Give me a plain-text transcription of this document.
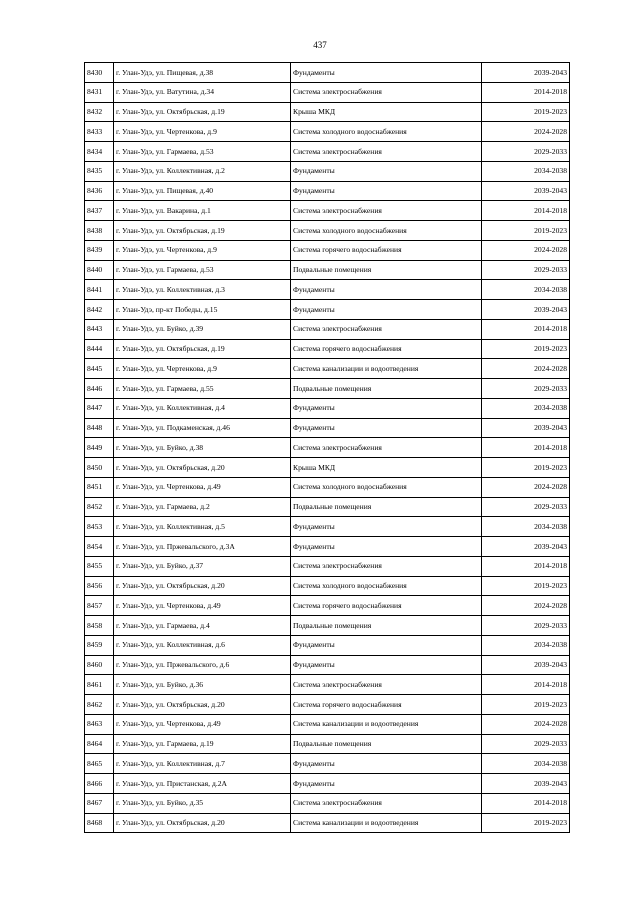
437
8430	г. Улан-Удэ, ул. Пищевая, д.38	Фундаменты	2039-2043
8431	г. Улан-Удэ, ул. Ватутина, д.34	Система электроснабжения	2014-2018
8432	г. Улан-Удэ, ул. Октябрьская, д.19	Крыша МКД	2019-2023
8433	г. Улан-Удэ, ул. Чертенкова, д.9	Система холодного водоснабжения	2024-2028
8434	г. Улан-Удэ, ул. Гармаева, д.53	Система электроснабжения	2029-2033
8435	г. Улан-Удэ, ул. Коллективная, д.2	Фундаменты	2034-2038
8436	г. Улан-Удэ, ул. Пищевая, д.40	Фундаменты	2039-2043
8437	г. Улан-Удэ, ул. Вакарина, д.1	Система электроснабжения	2014-2018
8438	г. Улан-Удэ, ул. Октябрьская, д.19	Система холодного водоснабжения	2019-2023
8439	г. Улан-Удэ, ул. Чертенкова, д.9	Система горячего водоснабжения	2024-2028
8440	г. Улан-Удэ, ул. Гармаева, д.53	Подвальные помещения	2029-2033
8441	г. Улан-Удэ, ул. Коллективная, д.3	Фундаменты	2034-2038
8442	г. Улан-Удэ, пр-кт Победы, д.15	Фундаменты	2039-2043
8443	г. Улан-Удэ, ул. Буйко, д.39	Система электроснабжения	2014-2018
8444	г. Улан-Удэ, ул. Октябрьская, д.19	Система горячего водоснабжения	2019-2023
8445	г. Улан-Удэ, ул. Чертенкова, д.9	Система канализации и водоотведения	2024-2028
8446	г. Улан-Удэ, ул. Гармаева, д.55	Подвальные помещения	2029-2033
8447	г. Улан-Удэ, ул. Коллективная, д.4	Фундаменты	2034-2038
8448	г. Улан-Удэ, ул. Подкаменская, д.46	Фундаменты	2039-2043
8449	г. Улан-Удэ, ул. Буйко, д.38	Система электроснабжения	2014-2018
8450	г. Улан-Удэ, ул. Октябрьская, д.20	Крыша МКД	2019-2023
8451	г. Улан-Удэ, ул. Чертенкова, д.49	Система холодного водоснабжения	2024-2028
8452	г. Улан-Удэ, ул. Гармаева, д.2	Подвальные помещения	2029-2033
8453	г. Улан-Удэ, ул. Коллективная, д.5	Фундаменты	2034-2038
8454	г. Улан-Удэ, ул. Пржевальского, д.3А	Фундаменты	2039-2043
8455	г. Улан-Удэ, ул. Буйко, д.37	Система электроснабжения	2014-2018
8456	г. Улан-Удэ, ул. Октябрьская, д.20	Система холодного водоснабжения	2019-2023
8457	г. Улан-Удэ, ул. Чертенкова, д.49	Система горячего водоснабжения	2024-2028
8458	г. Улан-Удэ, ул. Гармаева, д.4	Подвальные помещения	2029-2033
8459	г. Улан-Удэ, ул. Коллективная, д.6	Фундаменты	2034-2038
8460	г. Улан-Удэ, ул. Пржевальского, д.6	Фундаменты	2039-2043
8461	г. Улан-Удэ, ул. Буйко, д.36	Система электроснабжения	2014-2018
8462	г. Улан-Удэ, ул. Октябрьская, д.20	Система горячего водоснабжения	2019-2023
8463	г. Улан-Удэ, ул. Чертенкова, д.49	Система канализации и водоотведения	2024-2028
8464	г. Улан-Удэ, ул. Гармаева, д.19	Подвальные помещения	2029-2033
8465	г. Улан-Удэ, ул. Коллективная, д.7	Фундаменты	2034-2038
8466	г. Улан-Удэ, ул. Пристанская, д.2А	Фундаменты	2039-2043
8467	г. Улан-Удэ, ул. Буйко, д.35	Система электроснабжения	2014-2018
8468	г. Улан-Удэ, ул. Октябрьская, д.20	Система канализации и водоотведения	2019-2023
